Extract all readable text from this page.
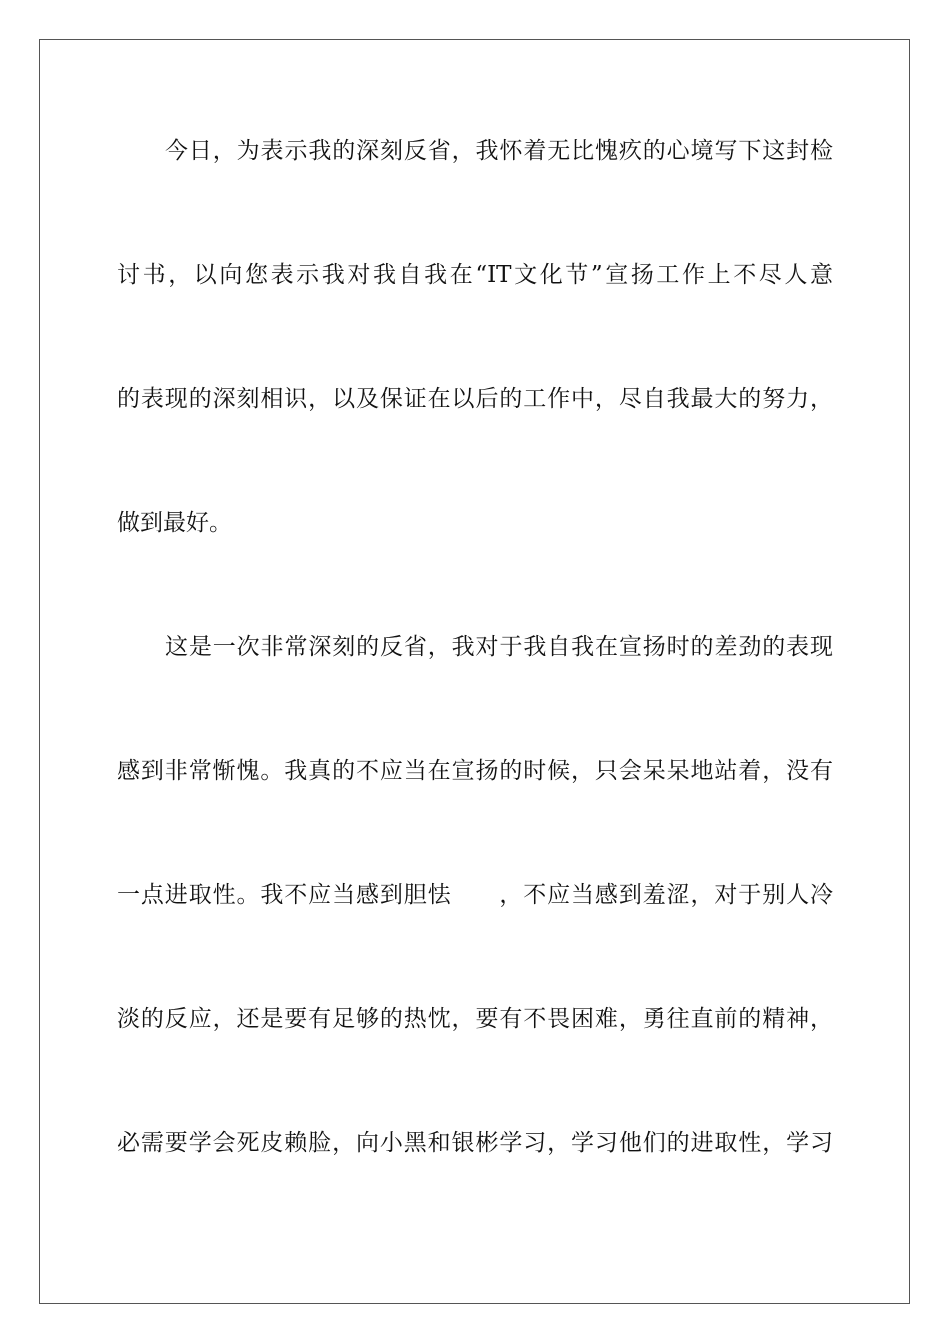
今日，为表示我的深刻反省，我怀着无比愧疚的心境写下这封检
讨书，以向您表示我对我自我在“IT文化节”宣扬工作上不尽人意
的表现的深刻相识，以及保证在以后的工作中，尽自我最大的努力，
做到最好。
这是一次非常深刻的反省，我对于我自我在宣扬时的差劲的表现
感到非常惭愧。我真的不应当在宣扬的时候，只会呆呆地站着，没有
一点进取性。我不应当感到胆怯　　，不应当感到羞涩，对于别人冷
淡的反应，还是要有足够的热忱，要有不畏困难，勇往直前的精神，
必需要学会死皮赖脸，向小黑和银彬学习，学习他们的进取性，学习
